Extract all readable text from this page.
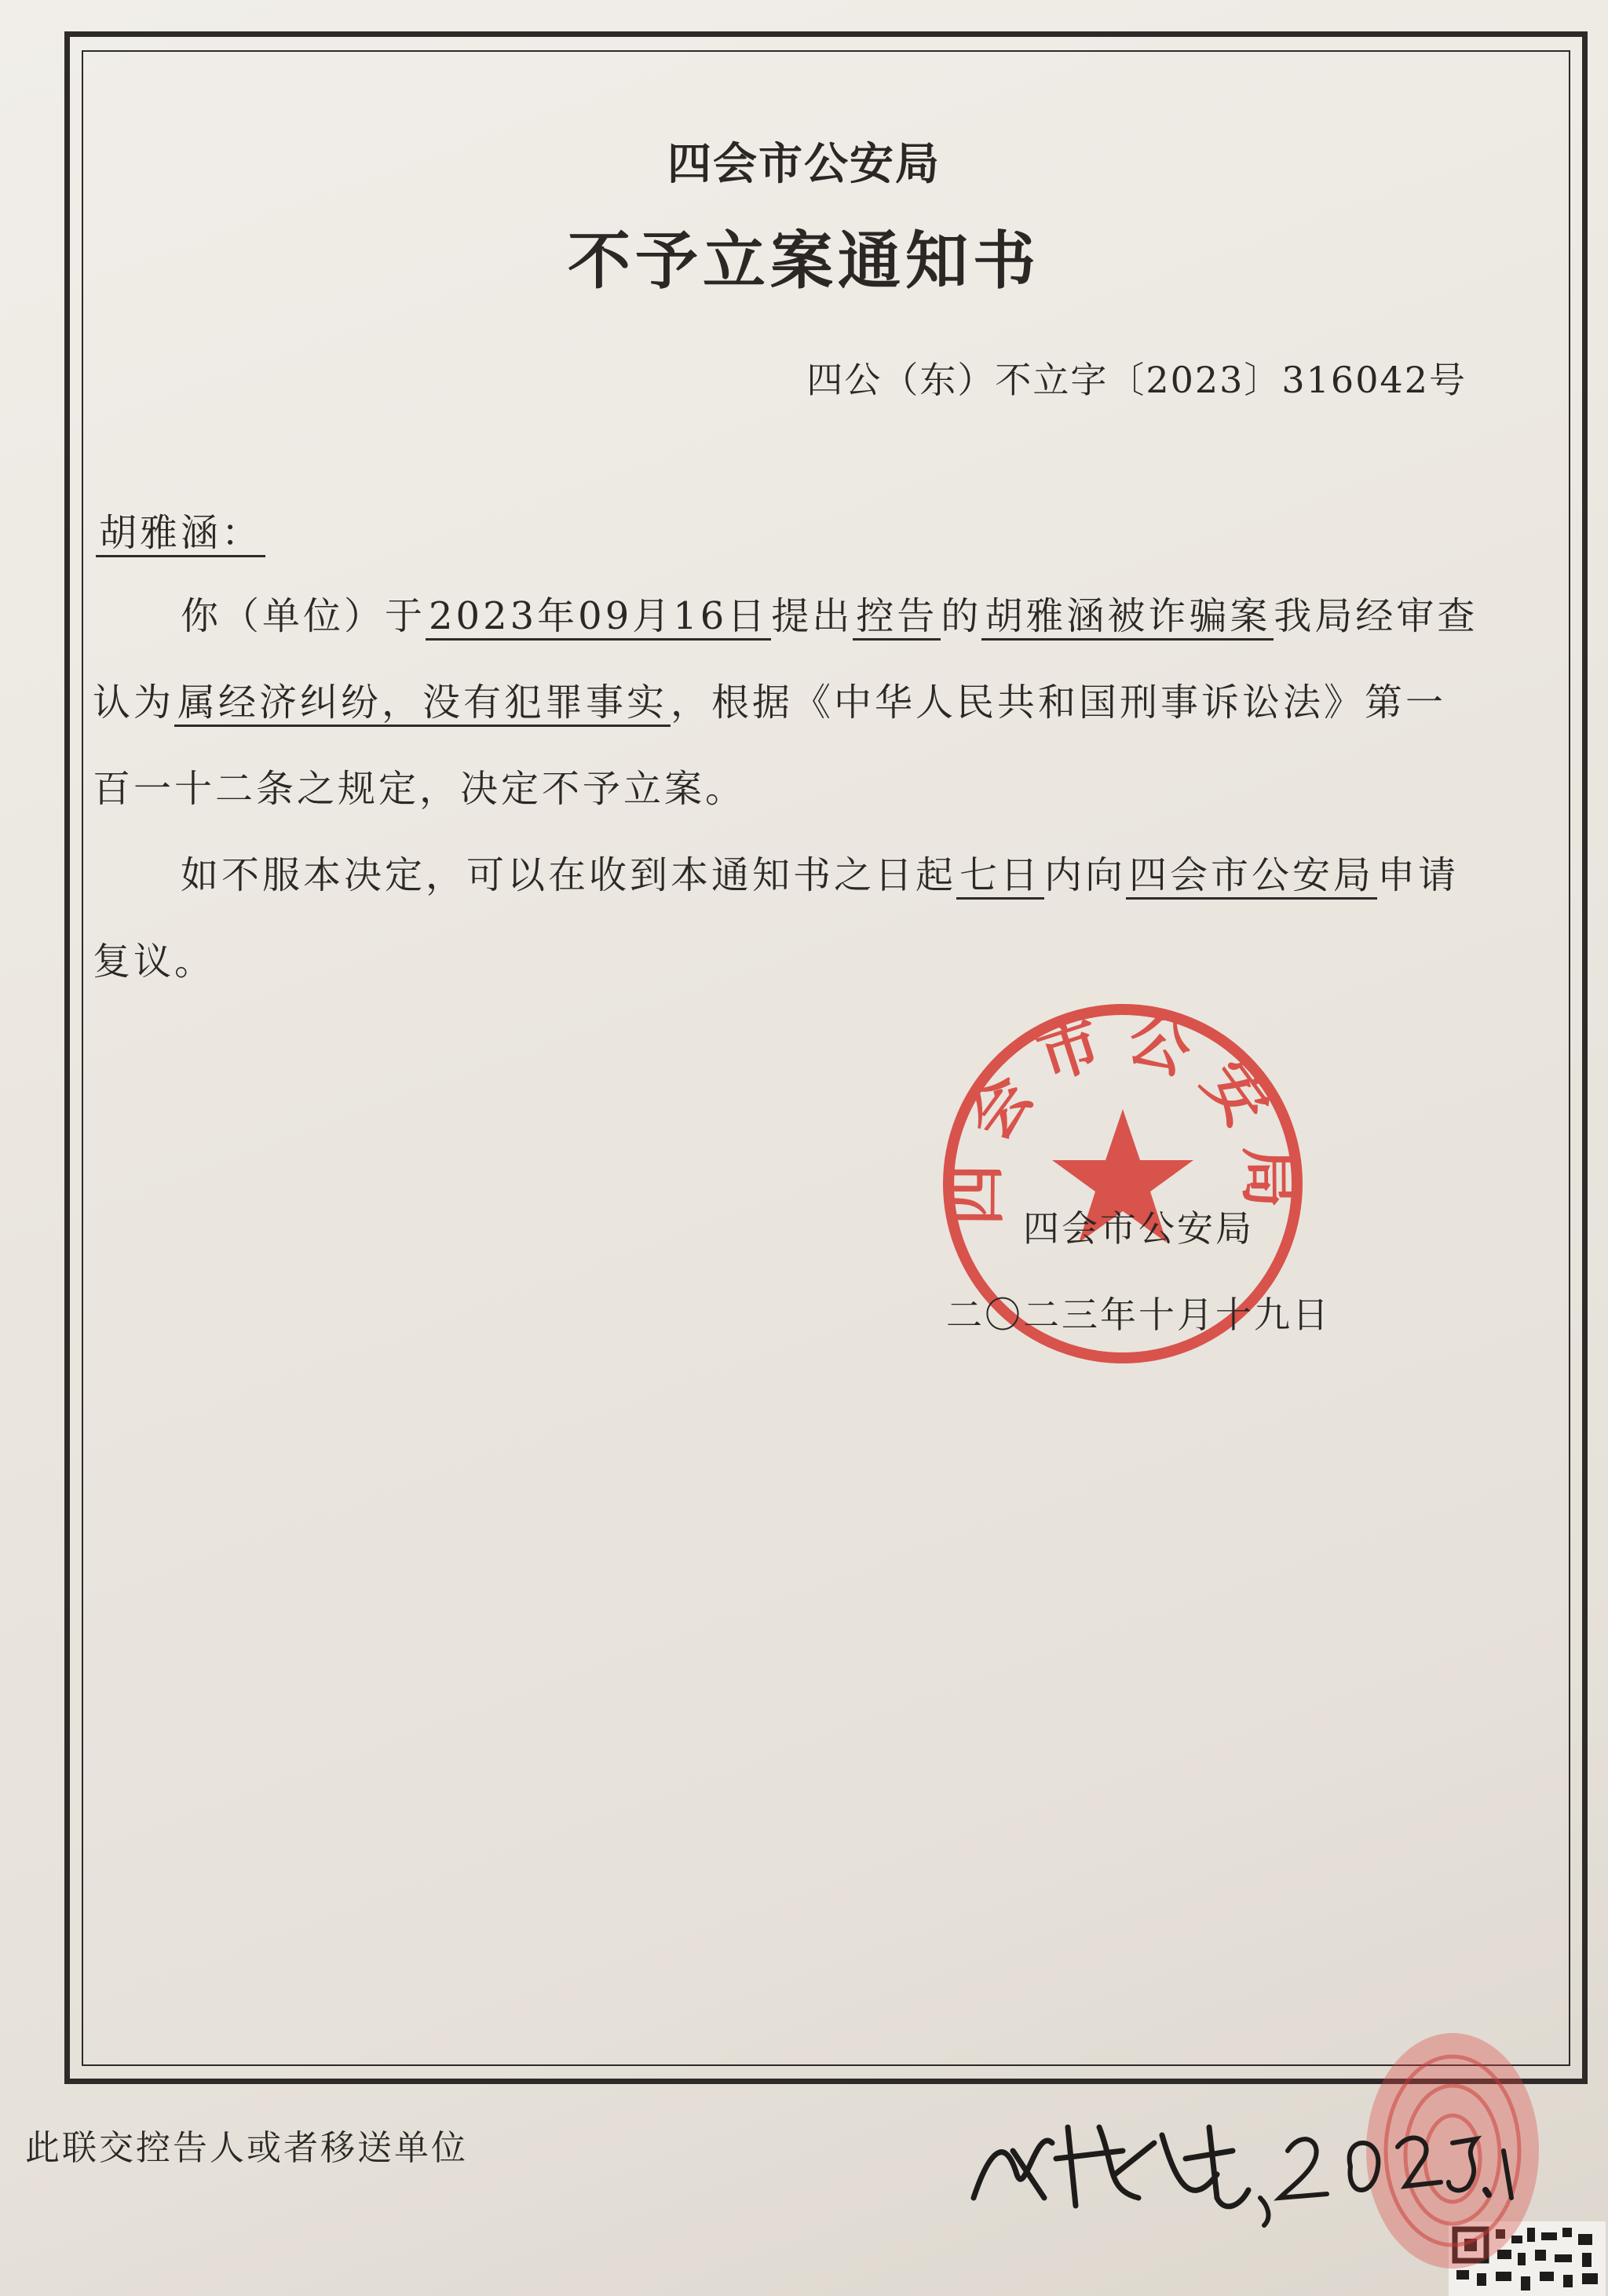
四会市公安局
不予立案通知书
四公（东）不立字〔2023〕316042号
胡雅涵：

你（单位）于2023年09月16日提出控告的胡雅涵被诈骗案我局经审查认为属经济纠纷，没有犯罪事实，根据《中华人民共和国刑事诉讼法》第一百一十二条之规定，决定不予立案。

如不服本决定，可以在收到本通知书之日起七日内向四会市公安局申请复议。

四会市公安局
四会市公安局
二〇二三年十月十九日
此联交控告人或者移送单位
